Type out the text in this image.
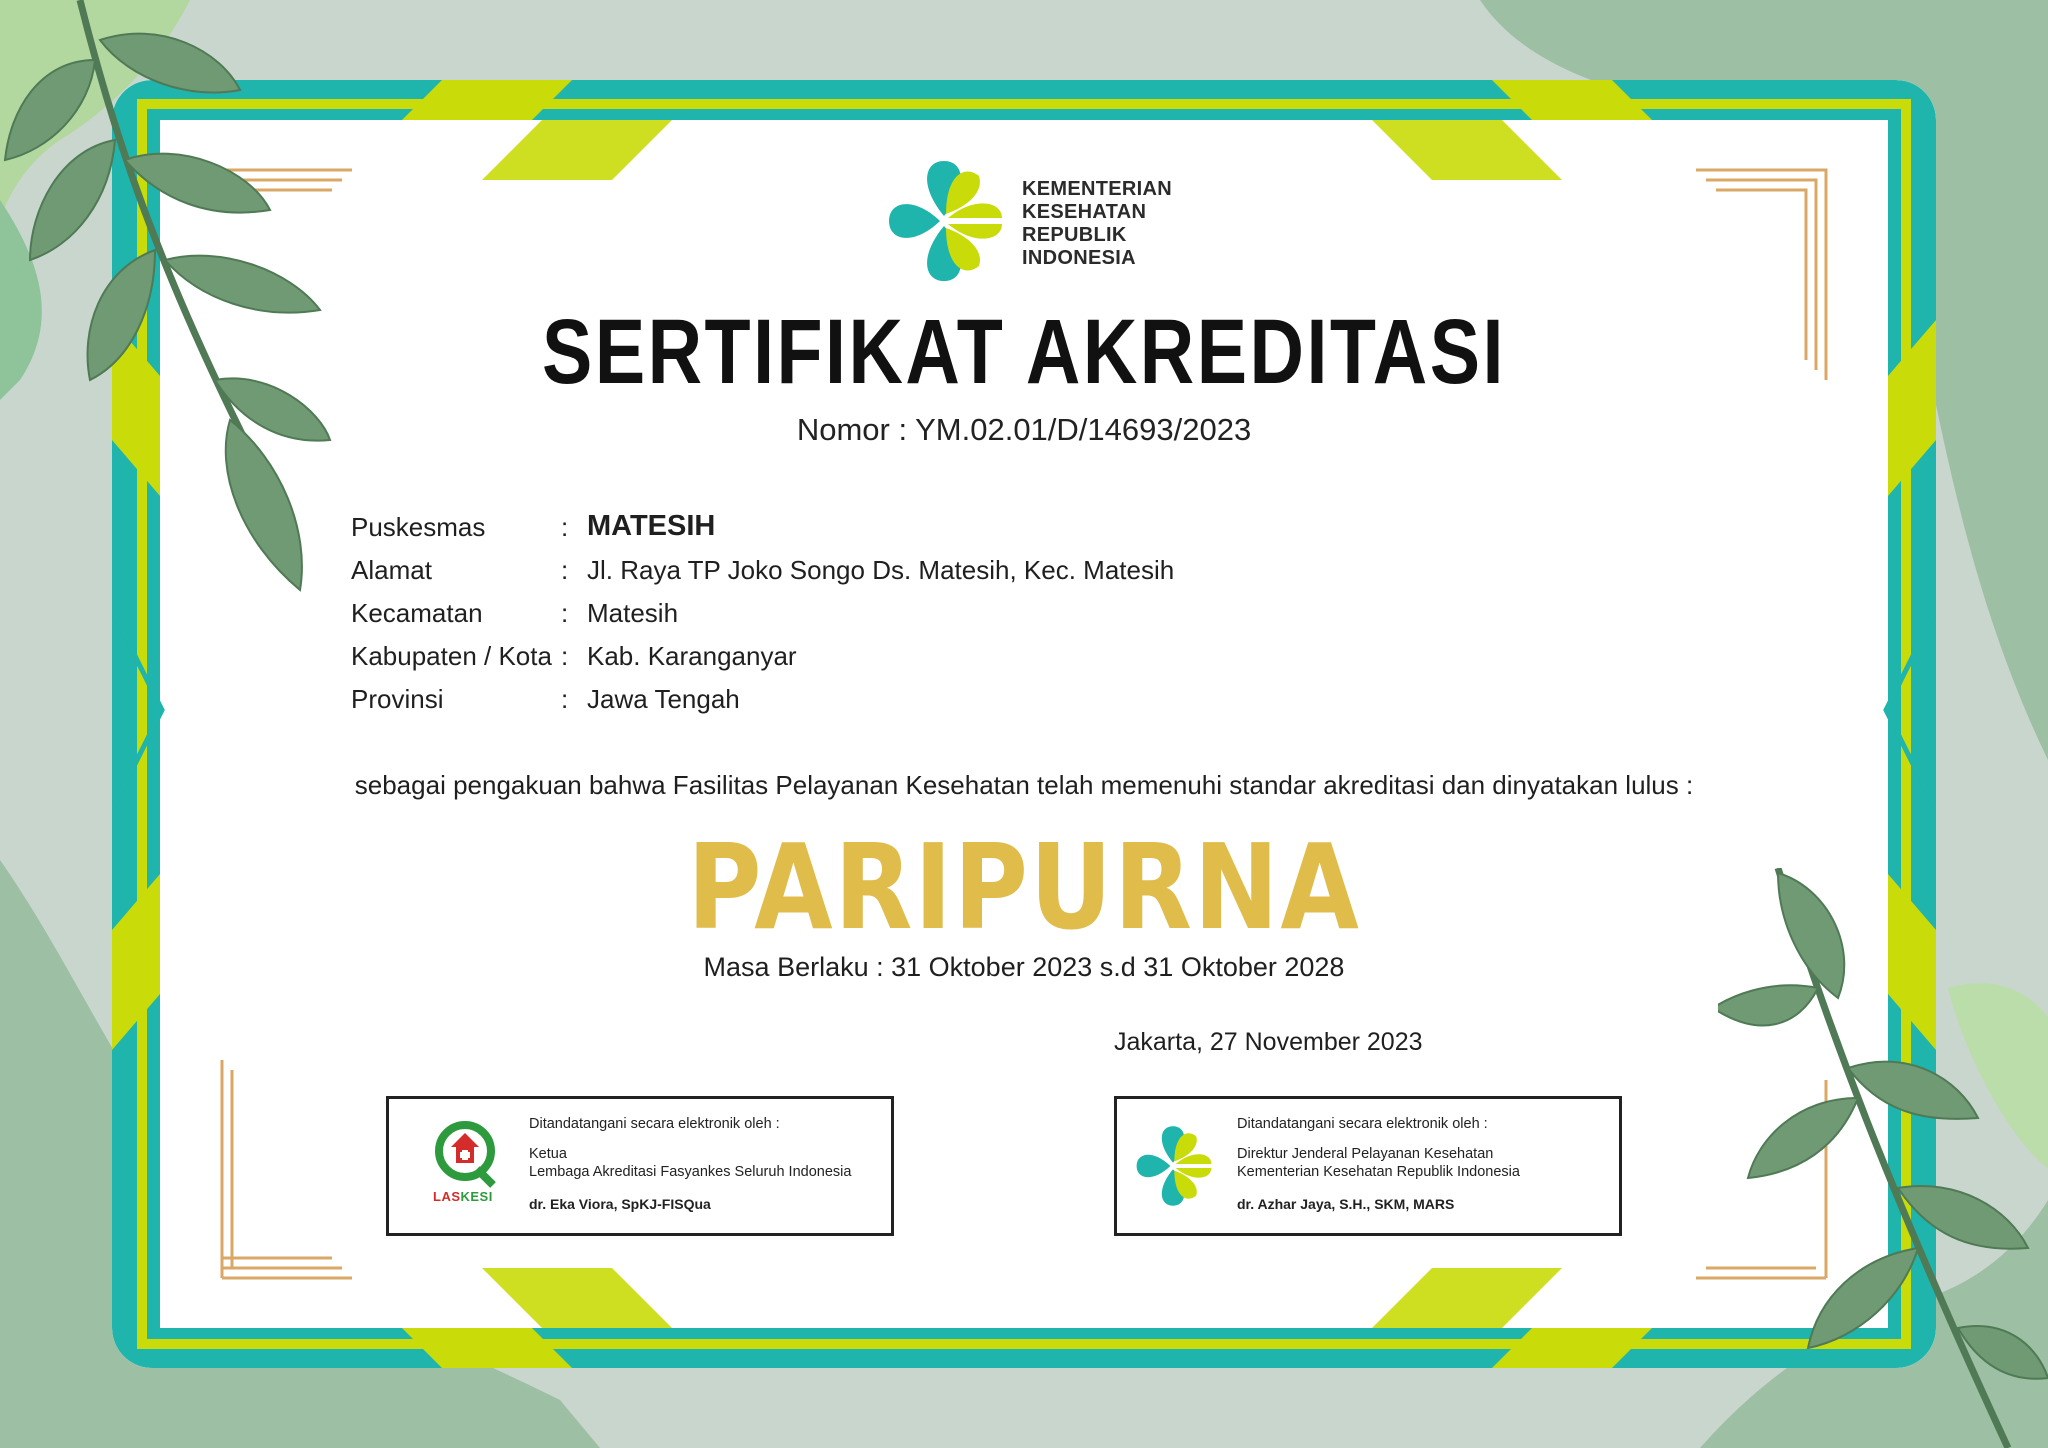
KEMENTERIAN
KESEHATAN
REPUBLIK
INDONESIA
SERTIFIKAT AKREDITASI
Nomor : YM.02.01/D/14693/2023
Puskesmas	: MATESIH
Alamat	: Jl. Raya TP Joko Songo Ds. Matesih, Kec. Matesih
Kecamatan	: Matesih
Kabupaten / Kota : Kab. Karanganyar
Provinsi	: Jawa Tengah
sebagai pengakuan bahwa Fasilitas Pelayanan Kesehatan telah memenuhi standar akreditasi dan dinyatakan lulus :
PARIPURNA
Masa Berlaku : 31 Oktober 2023 s.d 31 Oktober 2028
Jakarta, 27 November 2023
LASKESI
Ditandatangani secara elektronik oleh :
Ketua
Lembaga Akreditasi Fasyankes Seluruh Indonesia
dr. Eka Viora, SpKJ-FISQua
Ditandatangani secara elektronik oleh :
Direktur Jenderal Pelayanan Kesehatan
Kementerian Kesehatan Republik Indonesia
dr. Azhar Jaya, S.H., SKM, MARS
